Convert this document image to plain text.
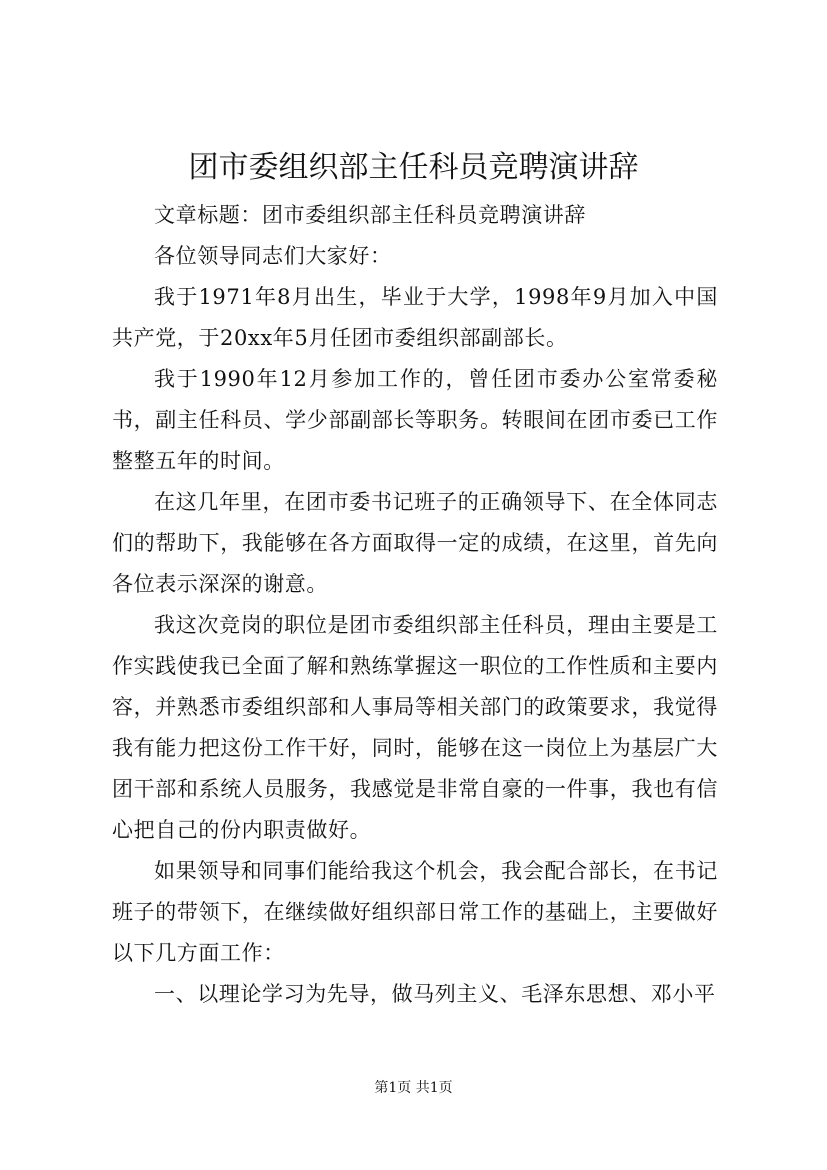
团市委组织部主任科员竞聘演讲辞

文章标题：团市委组织部主任科员竞聘演讲辞

各位领导同志们大家好：

我于1971年8月出生，毕业于大学，1998年9月加入中国共产党，于20xx年5月任团市委组织部副部长。

我于1990年12月参加工作的，曾任团市委办公室常委秘书，副主任科员、学少部副部长等职务。转眼间在团市委已工作整整五年的时间。

在这几年里，在团市委书记班子的正确领导下、在全体同志们的帮助下，我能够在各方面取得一定的成绩，在这里，首先向各位表示深深的谢意。

我这次竞岗的职位是团市委组织部主任科员，理由主要是工作实践使我已全面了解和熟练掌握这一职位的工作性质和主要内容，并熟悉市委组织部和人事局等相关部门的政策要求，我觉得我有能力把这份工作干好，同时，能够在这一岗位上为基层广大团干部和系统人员服务，我感觉是非常自豪的一件事，我也有信心把自己的份内职责做好。

如果领导和同事们能给我这个机会，我会配合部长，在书记班子的带领下，在继续做好组织部日常工作的基础上，主要做好以下几方面工作：

一、以理论学习为先导，做马列主义、毛泽东思想、邓小平

第1页 共1页
